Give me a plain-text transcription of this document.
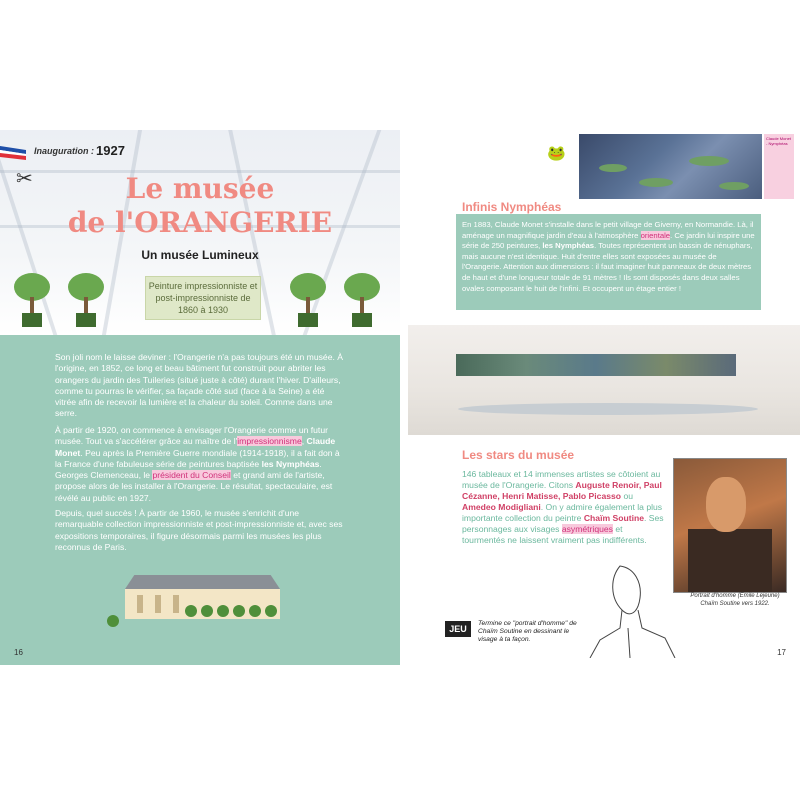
Inauguration : 1927
✂	Le musée
de l'ORANGERIE
Un musée Lumineux
Peinture impressionniste et post-impressionniste de 1860 à 1930
Son joli nom le laisse deviner : l'Orangerie n'a pas toujours été un musée. À l'origine, en 1852, ce long et beau bâtiment fut construit pour abriter les orangers du jardin des Tuileries (situé juste à côté) durant l'hiver. D'ailleurs, comme tu pourras le vérifier, sa façade côté sud (face à la Seine) a été vitrée afin de recevoir la lumière et la chaleur du soleil. Comme dans une serre.
À partir de 1920, on commence à envisager l'Orangerie comme un futur musée. Tout va s'accélérer grâce au maître de l'impressionnisme, Claude Monet. Peu après la Première Guerre mondiale (1914-1918), il a fait don à la France d'une fabuleuse série de peintures baptisée les Nymphéas. Georges Clemenceau, le président du Conseil et grand ami de l'artiste, propose alors de les installer à l'Orangerie. Le résultat, spectaculaire, est révélé au public en 1927.
Depuis, quel succès ! À partir de 1960, le musée s'enrichit d'une remarquable collection impressionniste et post-impressionniste et, avec ses expositions temporaires, il figure désormais parmi les musées les plus reconnus de Paris.
16
🐸
Claude Monet - Nymphéas
Infinis Nymphéas

En 1883, Claude Monet s'installe dans le petit village de Giverny, en Normandie. Là, il aménage un magnifique jardin d'eau à l'atmosphère orientale. Ce jardin lui inspire une série de 250 peintures, les Nymphéas. Toutes représentent un bassin de nénuphars, mais aucune n'est identique. Huit d'entre elles sont exposées au musée de l'Orangerie. Attention aux dimensions : il faut imaginer huit panneaux de deux mètres de haut et d'une longueur totale de 91 mètres ! Ils sont disposés dans deux salles ovales composant le huit de l'infini. Et occupent un étage entier !

Les stars du musée
146 tableaux et 14 immenses artistes se côtoient au musée de l'Orangerie. Citons Auguste Renoir, Paul Cézanne, Henri Matisse, Pablo Picasso ou Amedeo Modigliani. On y admire également la plus importante collection du peintre Chaïm Soutine. Ses personnages aux visages asymétriques et tourmentés ne laissent vraiment pas indifférents.
Portrait d'homme (Émile Lejeune) Chaïm Soutine vers 1922.
JEU
Termine ce "portrait d'homme" de Chaïm Soutine en dessinant le visage à ta façon.
17
